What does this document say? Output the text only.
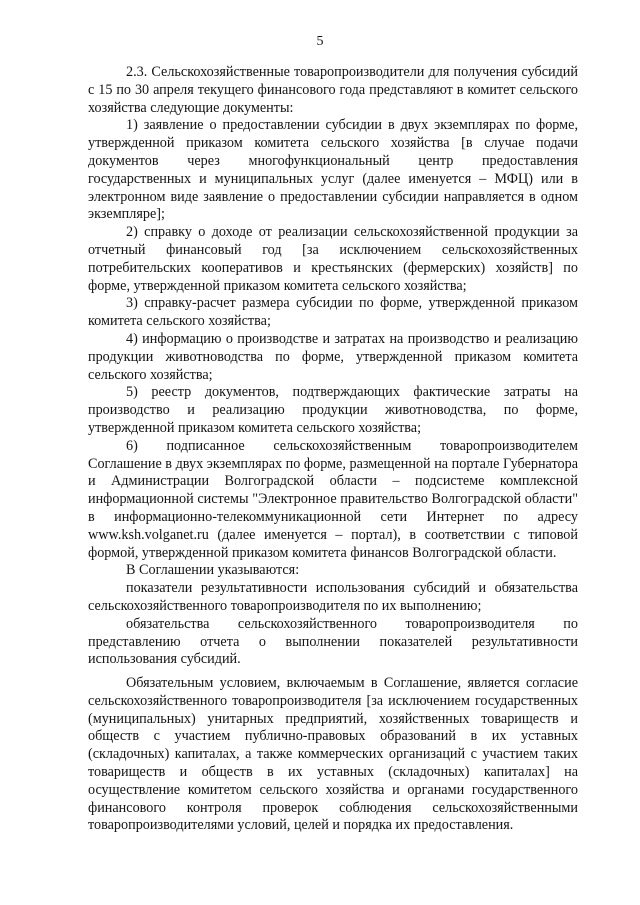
5

2.3. Сельскохозяйственные товаропроизводители для получения субсидий с 15 по 30 апреля текущего финансового года представляют в комитет сельского хозяйства следующие документы:

1) заявление о предоставлении субсидии в двух экземплярах по форме, утвержденной приказом комитета сельского хозяйства [в случае подачи документов через многофункциональный центр предоставления государственных и муниципальных услуг (далее именуется – МФЦ) или в электронном виде заявление о предоставлении субсидии направляется в одном экземпляре];

2) справку о доходе от реализации сельскохозяйственной продукции за отчетный финансовый год [за исключением сельскохозяйственных потребительских кооперативов и крестьянских (фермерских) хозяйств] по форме, утвержденной приказом комитета сельского хозяйства;

3) справку-расчет размера субсидии по форме, утвержденной приказом комитета сельского хозяйства;

4) информацию о производстве и затратах на производство и реализацию продукции животноводства по форме, утвержденной приказом комитета сельского хозяйства;

5) реестр документов, подтверждающих фактические затраты на производство и реализацию продукции животноводства, по форме, утвержденной приказом комитета сельского хозяйства;

6) подписанное сельскохозяйственным товаропроизводителем Соглашение в двух экземплярах по форме, размещенной на портале Губернатора и Администрации Волгоградской области – подсистеме комплексной информационной системы "Электронное правительство Волгоградской области" в информационно-телекоммуникационной сети Интернет по адресу www.ksh.volganet.ru (далее именуется – портал), в соответствии с типовой формой, утвержденной приказом комитета финансов Волгоградской области.

В Соглашении указываются:

показатели результативности использования субсидий и обязательства сельскохозяйственного товаропроизводителя по их выполнению;

обязательства сельскохозяйственного товаропроизводителя по представлению отчета о выполнении показателей результативности использования субсидий.

Обязательным условием, включаемым в Соглашение, является согласие сельскохозяйственного товаропроизводителя [за исключением государственных (муниципальных) унитарных предприятий, хозяйственных товариществ и обществ с участием публично-правовых образований в их уставных (складочных) капиталах, а также коммерческих организаций с участием таких товариществ и обществ в их уставных (складочных) капиталах] на осуществление комитетом сельского хозяйства и органами государственного финансового контроля проверок соблюдения сельскохозяйственными товаропроизводителями условий, целей и порядка их предоставления.
